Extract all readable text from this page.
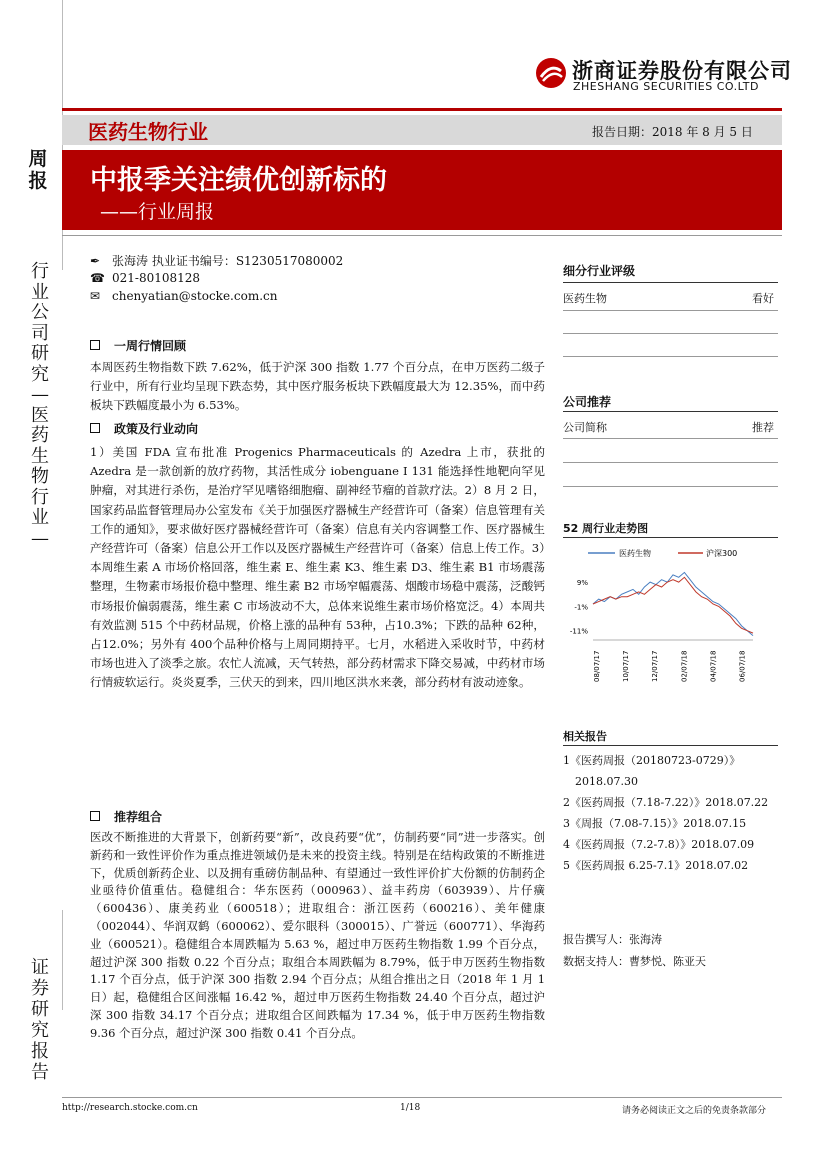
浙商证券股份有限公司
ZHESHANG SECURITIES CO.LTD
医药生物行业	报告日期：2018 年 8 月 5 日
中报季关注绩优创新标的
——行业周报
周报
行业公司研究—医药生物行业—
证券研究报告
✒ 张海涛 执业证书编号：S1230517080002
☎ 021-80108128
✉ chenyatian@stocke.com.cn
一周行情回顾
本周医药生物指数下跌 7.62%，低于沪深 300 指数 1.77 个百分点，在申万医药二级子行业中，所有行业均呈现下跌态势，其中医疗服务板块下跌幅度最大为 12.35%，而中药板块下跌幅度最小为 6.53%。
政策及行业动向
1）美国 FDA 宣布批准 Progenics Pharmaceuticals 的 Azedra 上市，获批的 Azedra 是一款创新的放疗药物，其活性成分 iobenguane I 131 能选择性地靶向罕见肿瘤，对其进行杀伤，是治疗罕见嗜铬细胞瘤、副神经节瘤的首款疗法。2）8 月 2 日，国家药品监督管理局办公室发布《关于加强医疗器械生产经营许可（备案）信息管理有关工作的通知》，要求做好医疗器械经营许可（备案）信息有关内容调整工作、医疗器械生产经营许可（备案）信息公开工作以及医疗器械生产经营许可（备案）信息上传工作。3）本周维生素 A 市场价格回落，维生素 E、维生素 K3、维生素 D3、维生素 B1 市场震荡整理，生物素市场报价稳中整理、维生素 B2 市场窄幅震荡、烟酸市场稳中震荡，泛酸钙市场报价偏弱震荡，维生素 C 市场波动不大，总体来说维生素市场价格宽泛。4）本周共有效监测 515 个中药材品规，价格上涨的品种有 53种，占10.3%；下跌的品种 62种，占12.0%；另外有 400个品种价格与上周同期持平。七月，水稻进入采收时节，中药材市场也进入了淡季之旅。农忙人流减，天气转热，部分药材需求下降交易减，中药材市场行情疲软运行。炎炎夏季，三伏天的到来，四川地区洪水来袭，部分药材有波动迹象。
推荐组合
医改不断推进的大背景下，创新药要“新”，改良药要“优”，仿制药要“同”进一步落实。创新药和一致性评价作为重点推进领域仍是未来的投资主线。特别是在结构政策的不断推进下，优质创新药企业、以及拥有重磅仿制品种、有望通过一致性评价扩大份额的仿制药企业亟待价值重估。稳健组合：华东医药（000963）、益丰药房（603939）、片仔癀（600436）、康美药业（600518）；进取组合：浙江医药（600216）、美年健康（002044）、华润双鹤（600062）、爱尔眼科（300015）、广誉远（600771）、华海药业（600521）。稳健组合本周跌幅为 5.63 %，超过申万医药生物指数 1.99 个百分点，超过沪深 300 指数 0.22 个百分点；取组合本周跌幅为 8.79%，低于申万医药生物指数 1.17 个百分点，低于沪深 300 指数 2.94 个百分点；从组合推出之日（2018 年 1 月 1 日）起，稳健组合区间涨幅 16.42 %，超过申万医药生物指数 24.40 个百分点，超过沪深 300 指数 34.17 个百分点；进取组合区间跌幅为 17.34 %，低于申万医药生物指数 9.36 个百分点，超过沪深 300 指数 0.41 个百分点。
细分行业评级
医药生物	看好
公司推荐
公司简称	推荐
52 周行业走势图
医药生物	沪深300
9%
-1%
-11%
08/07/17	10/07/17	12/07/17	02/07/18	04/07/18	06/07/18
相关报告
1《医药周报（20180723-0729）》
2018.07.30
2《医药周报（7.18-7.22）》2018.07.22
3《周报（7.08-7.15）》2018.07.15
4《医药周报（7.2-7.8）》2018.07.09
5《医药周报 6.25-7.1》2018.07.02
报告撰写人：张海涛
数据支持人：曹梦悦、陈亚天
http://research.stocke.com.cn	1/18	请务必阅读正文之后的免责条款部分
